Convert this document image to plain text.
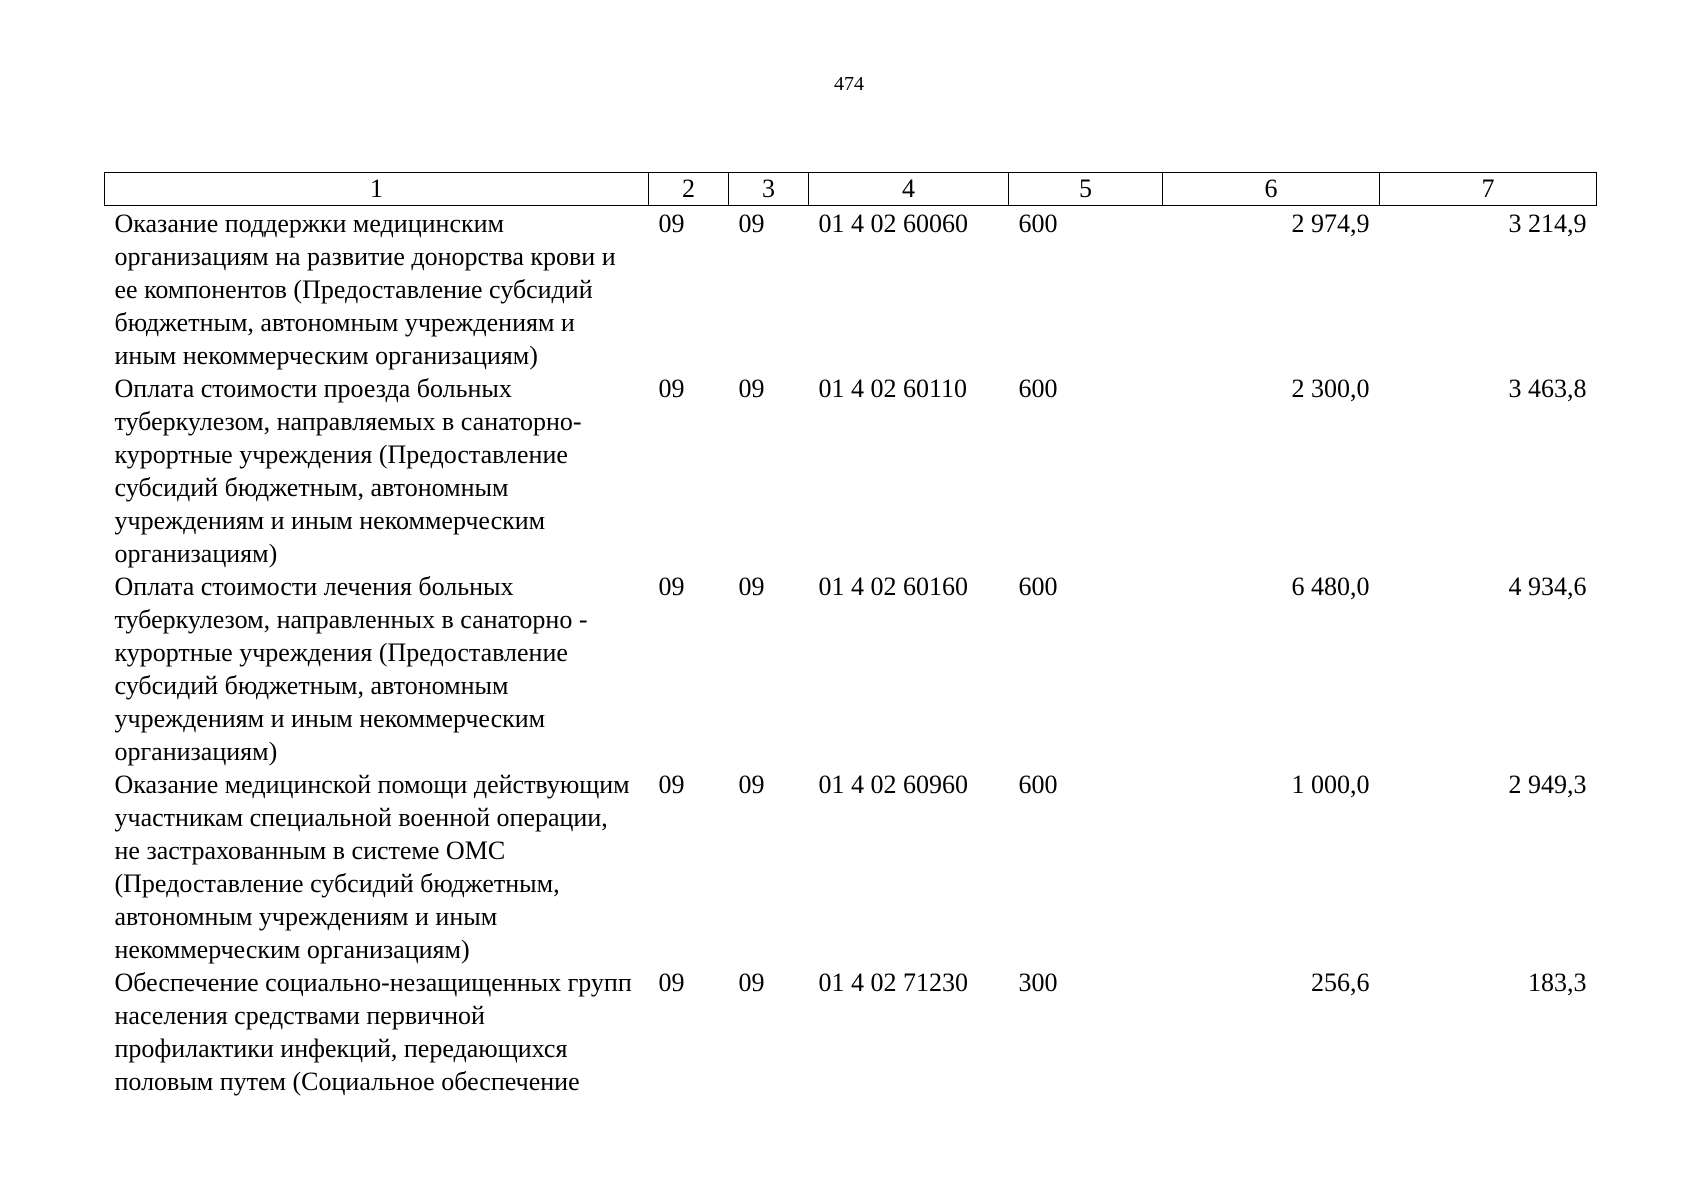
474
1	2	3	4	5	6	7
Оказание поддержки медицинским организациям на развитие донорства крови и ее компонентов (Предоставление субсидий бюджетным, автономным учреждениям и иным некоммерческим организациям)	09	09	01 4 02 60060	600	2 974,9	3 214,9
Оплата стоимости проезда больных туберкулезом, направляемых в санаторно-курортные учреждения (Предоставление субсидий бюджетным, автономным учреждениям и иным некоммерческим организациям)	09	09	01 4 02 60110	600	2 300,0	3 463,8
Оплата стоимости лечения больных туберкулезом, направленных в санаторно - курортные учреждения (Предоставление субсидий бюджетным, автономным учреждениям и иным некоммерческим организациям)	09	09	01 4 02 60160	600	6 480,0	4 934,6
Оказание медицинской помощи действующим участникам специальной военной операции, не застрахованным в системе ОМС (Предоставление субсидий бюджетным, автономным учреждениям и иным некоммерческим организациям)	09	09	01 4 02 60960	600	1 000,0	2 949,3
Обеспечение социально-незащищенных групп населения средствами первичной профилактики инфекций, передающихся половым путем (Социальное обеспечение	09	09	01 4 02 71230	300	256,6	183,3
